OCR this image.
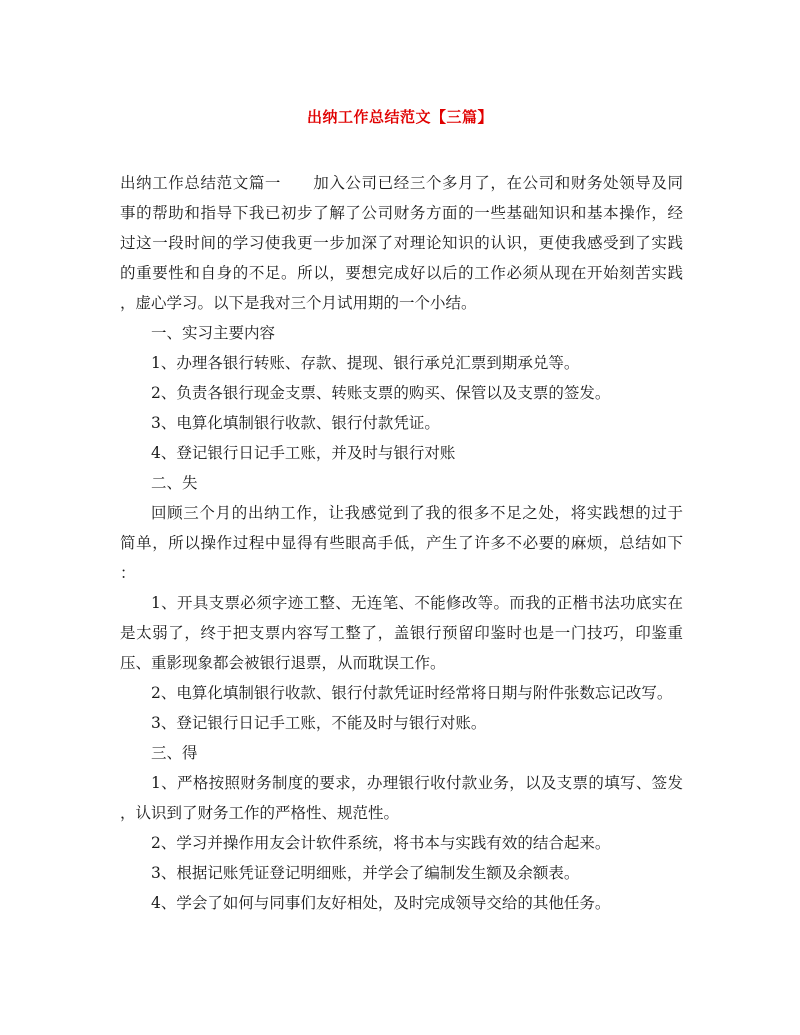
出纳工作总结范文【三篇】
出纳工作总结范文篇一　　加入公司已经三个多月了，在公司和财务处领导及同
事的帮助和指导下我已初步了解了公司财务方面的一些基础知识和基本操作，经
过这一段时间的学习使我更一步加深了对理论知识的认识，更使我感受到了实践
的重要性和自身的不足。所以，要想完成好以后的工作必须从现在开始刻苦实践
，虚心学习。以下是我对三个月试用期的一个小结。
一、实习主要内容
1、办理各银行转账、存款、提现、银行承兑汇票到期承兑等。
2、负责各银行现金支票、转账支票的购买、保管以及支票的签发。
3、电算化填制银行收款、银行付款凭证。
4、登记银行日记手工账，并及时与银行对账
二、失
回顾三个月的出纳工作，让我感觉到了我的很多不足之处，将实践想的过于
简单，所以操作过程中显得有些眼高手低，产生了许多不必要的麻烦，总结如下
：
1、开具支票必须字迹工整、无连笔、不能修改等。而我的正楷书法功底实在
是太弱了，终于把支票内容写工整了，盖银行预留印鉴时也是一门技巧，印鉴重
压、重影现象都会被银行退票，从而耽误工作。
2、电算化填制银行收款、银行付款凭证时经常将日期与附件张数忘记改写。
3、登记银行日记手工账，不能及时与银行对账。
三、得
1、严格按照财务制度的要求，办理银行收付款业务，以及支票的填写、签发
，认识到了财务工作的严格性、规范性。
2、学习并操作用友会计软件系统，将书本与实践有效的结合起来。
3、根据记账凭证登记明细账，并学会了编制发生额及余额表。
4、学会了如何与同事们友好相处，及时完成领导交给的其他任务。
